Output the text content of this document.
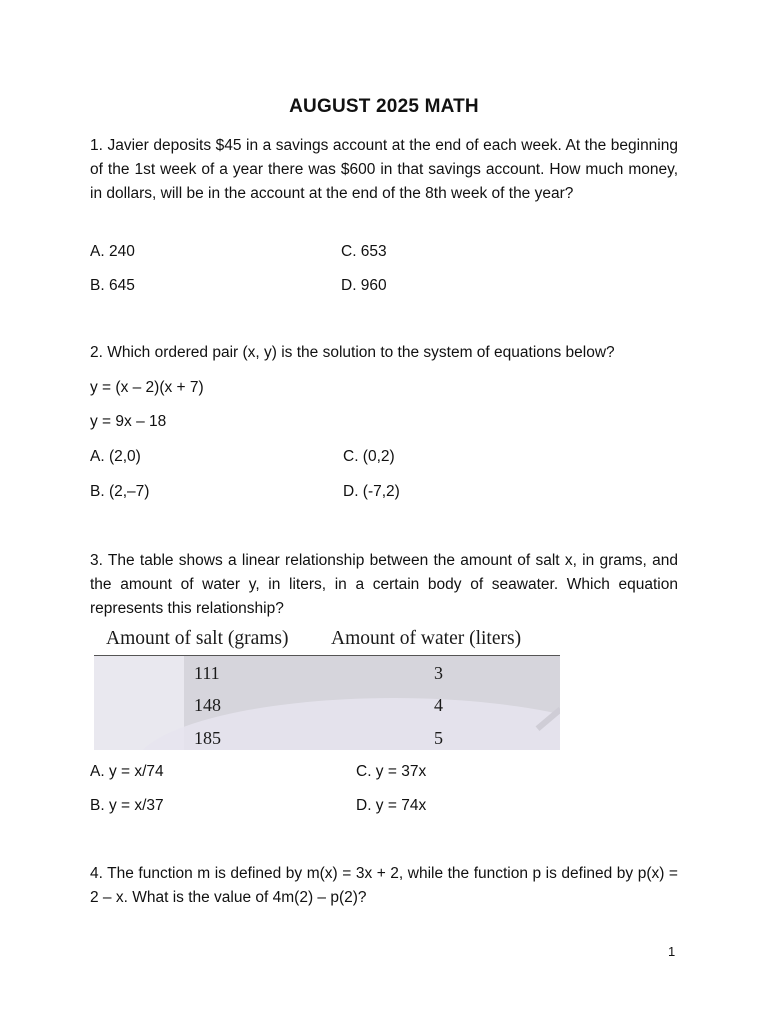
AUGUST 2025 MATH
1. Javier deposits $45 in a savings account at the end of each week. At the beginning of the 1st week of a year there was $600 in that savings account. How much money, in dollars, will be in the account at the end of the 8th week of the year?
A. 240	C. 653
B. 645	D. 960
2. Which ordered pair (x, y) is the solution to the system of equations below?
y = (x – 2)(x + 7)
y = 9x – 18
A. (2,0)	C. (0,2)
B. (2,–7)	D. (-7,2)
3. The table shows a linear relationship between the amount of salt x, in grams, and the amount of water y, in liters, in a certain body of seawater. Which equation represents this relationship?
Amount of salt (grams) Amount of water (liters)
111	3
148	4
185	5
A. y = x/74	C. y = 37x
B. y = x/37	D. y = 74x
4. The function m is defined by m(x) = 3x + 2, while the function p is defined by p(x) = 2 – x. What is the value of 4m(2) – p(2)?
1
